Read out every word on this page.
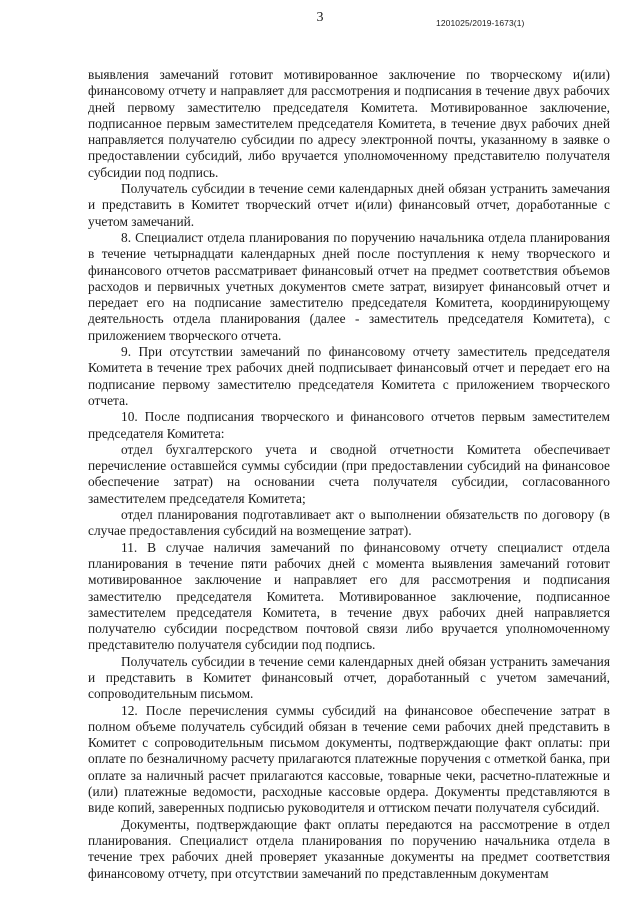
3	1201025/2019-1673(1)

выявления замечаний готовит мотивированное заключение по творческому и(или) финансовому отчету и направляет для рассмотрения и подписания в течение двух рабочих дней первому заместителю председателя Комитета. Мотивированное заключение, подписанное первым заместителем председателя Комитета, в течение двух рабочих дней направляется получателю субсидии по адресу электронной почты, указанному в заявке о предоставлении субсидий, либо вручается уполномоченному представителю получателя субсидии под подпись.

Получатель субсидии в течение семи календарных дней обязан устранить замечания и представить в Комитет творческий отчет и(или) финансовый отчет, доработанные с учетом замечаний.

8. Специалист отдела планирования по поручению начальника отдела планирования в течение четырнадцати календарных дней после поступления к нему творческого и финансового отчетов рассматривает финансовый отчет на предмет соответствия объемов расходов и первичных учетных документов смете затрат, визирует финансовый отчет и передает его на подписание заместителю председателя Комитета, координирующему деятельность отдела планирования (далее - заместитель председателя Комитета), с приложением творческого отчета.

9. При отсутствии замечаний по финансовому отчету заместитель председателя Комитета в течение трех рабочих дней подписывает финансовый отчет и передает его на подписание первому заместителю председателя Комитета с приложением творческого отчета.

10. После подписания творческого и финансового отчетов первым заместителем председателя Комитета:

отдел бухгалтерского учета и сводной отчетности Комитета обеспечивает перечисление оставшейся суммы субсидии (при предоставлении субсидий на финансовое обеспечение затрат) на основании счета получателя субсидии, согласованного заместителем председателя Комитета;

отдел планирования подготавливает акт о выполнении обязательств по договору (в случае предоставления субсидий на возмещение затрат).

11. В случае наличия замечаний по финансовому отчету специалист отдела планирования в течение пяти рабочих дней с момента выявления замечаний готовит мотивированное заключение и направляет его для рассмотрения и подписания заместителю председателя Комитета. Мотивированное заключение, подписанное заместителем председателя Комитета, в течение двух рабочих дней направляется получателю субсидии посредством почтовой связи либо вручается уполномоченному представителю получателя субсидии под подпись.

Получатель субсидии в течение семи календарных дней обязан устранить замечания и представить в Комитет финансовый отчет, доработанный с учетом замечаний, сопроводительным письмом.

12. После перечисления суммы субсидий на финансовое обеспечение затрат в полном объеме получатель субсидий обязан в течение семи рабочих дней представить в Комитет с сопроводительным письмом документы, подтверждающие факт оплаты: при оплате по безналичному расчету прилагаются платежные поручения с отметкой банка, при оплате за наличный расчет прилагаются кассовые, товарные чеки, расчетно-платежные и (или) платежные ведомости, расходные кассовые ордера. Документы представляются в виде копий, заверенных подписью руководителя и оттиском печати получателя субсидий.

Документы, подтверждающие факт оплаты передаются на рассмотрение в отдел планирования. Специалист отдела планирования по поручению начальника отдела в течение трех рабочих дней проверяет указанные документы на предмет соответствия финансовому отчету, при отсутствии замечаний по представленным документам
